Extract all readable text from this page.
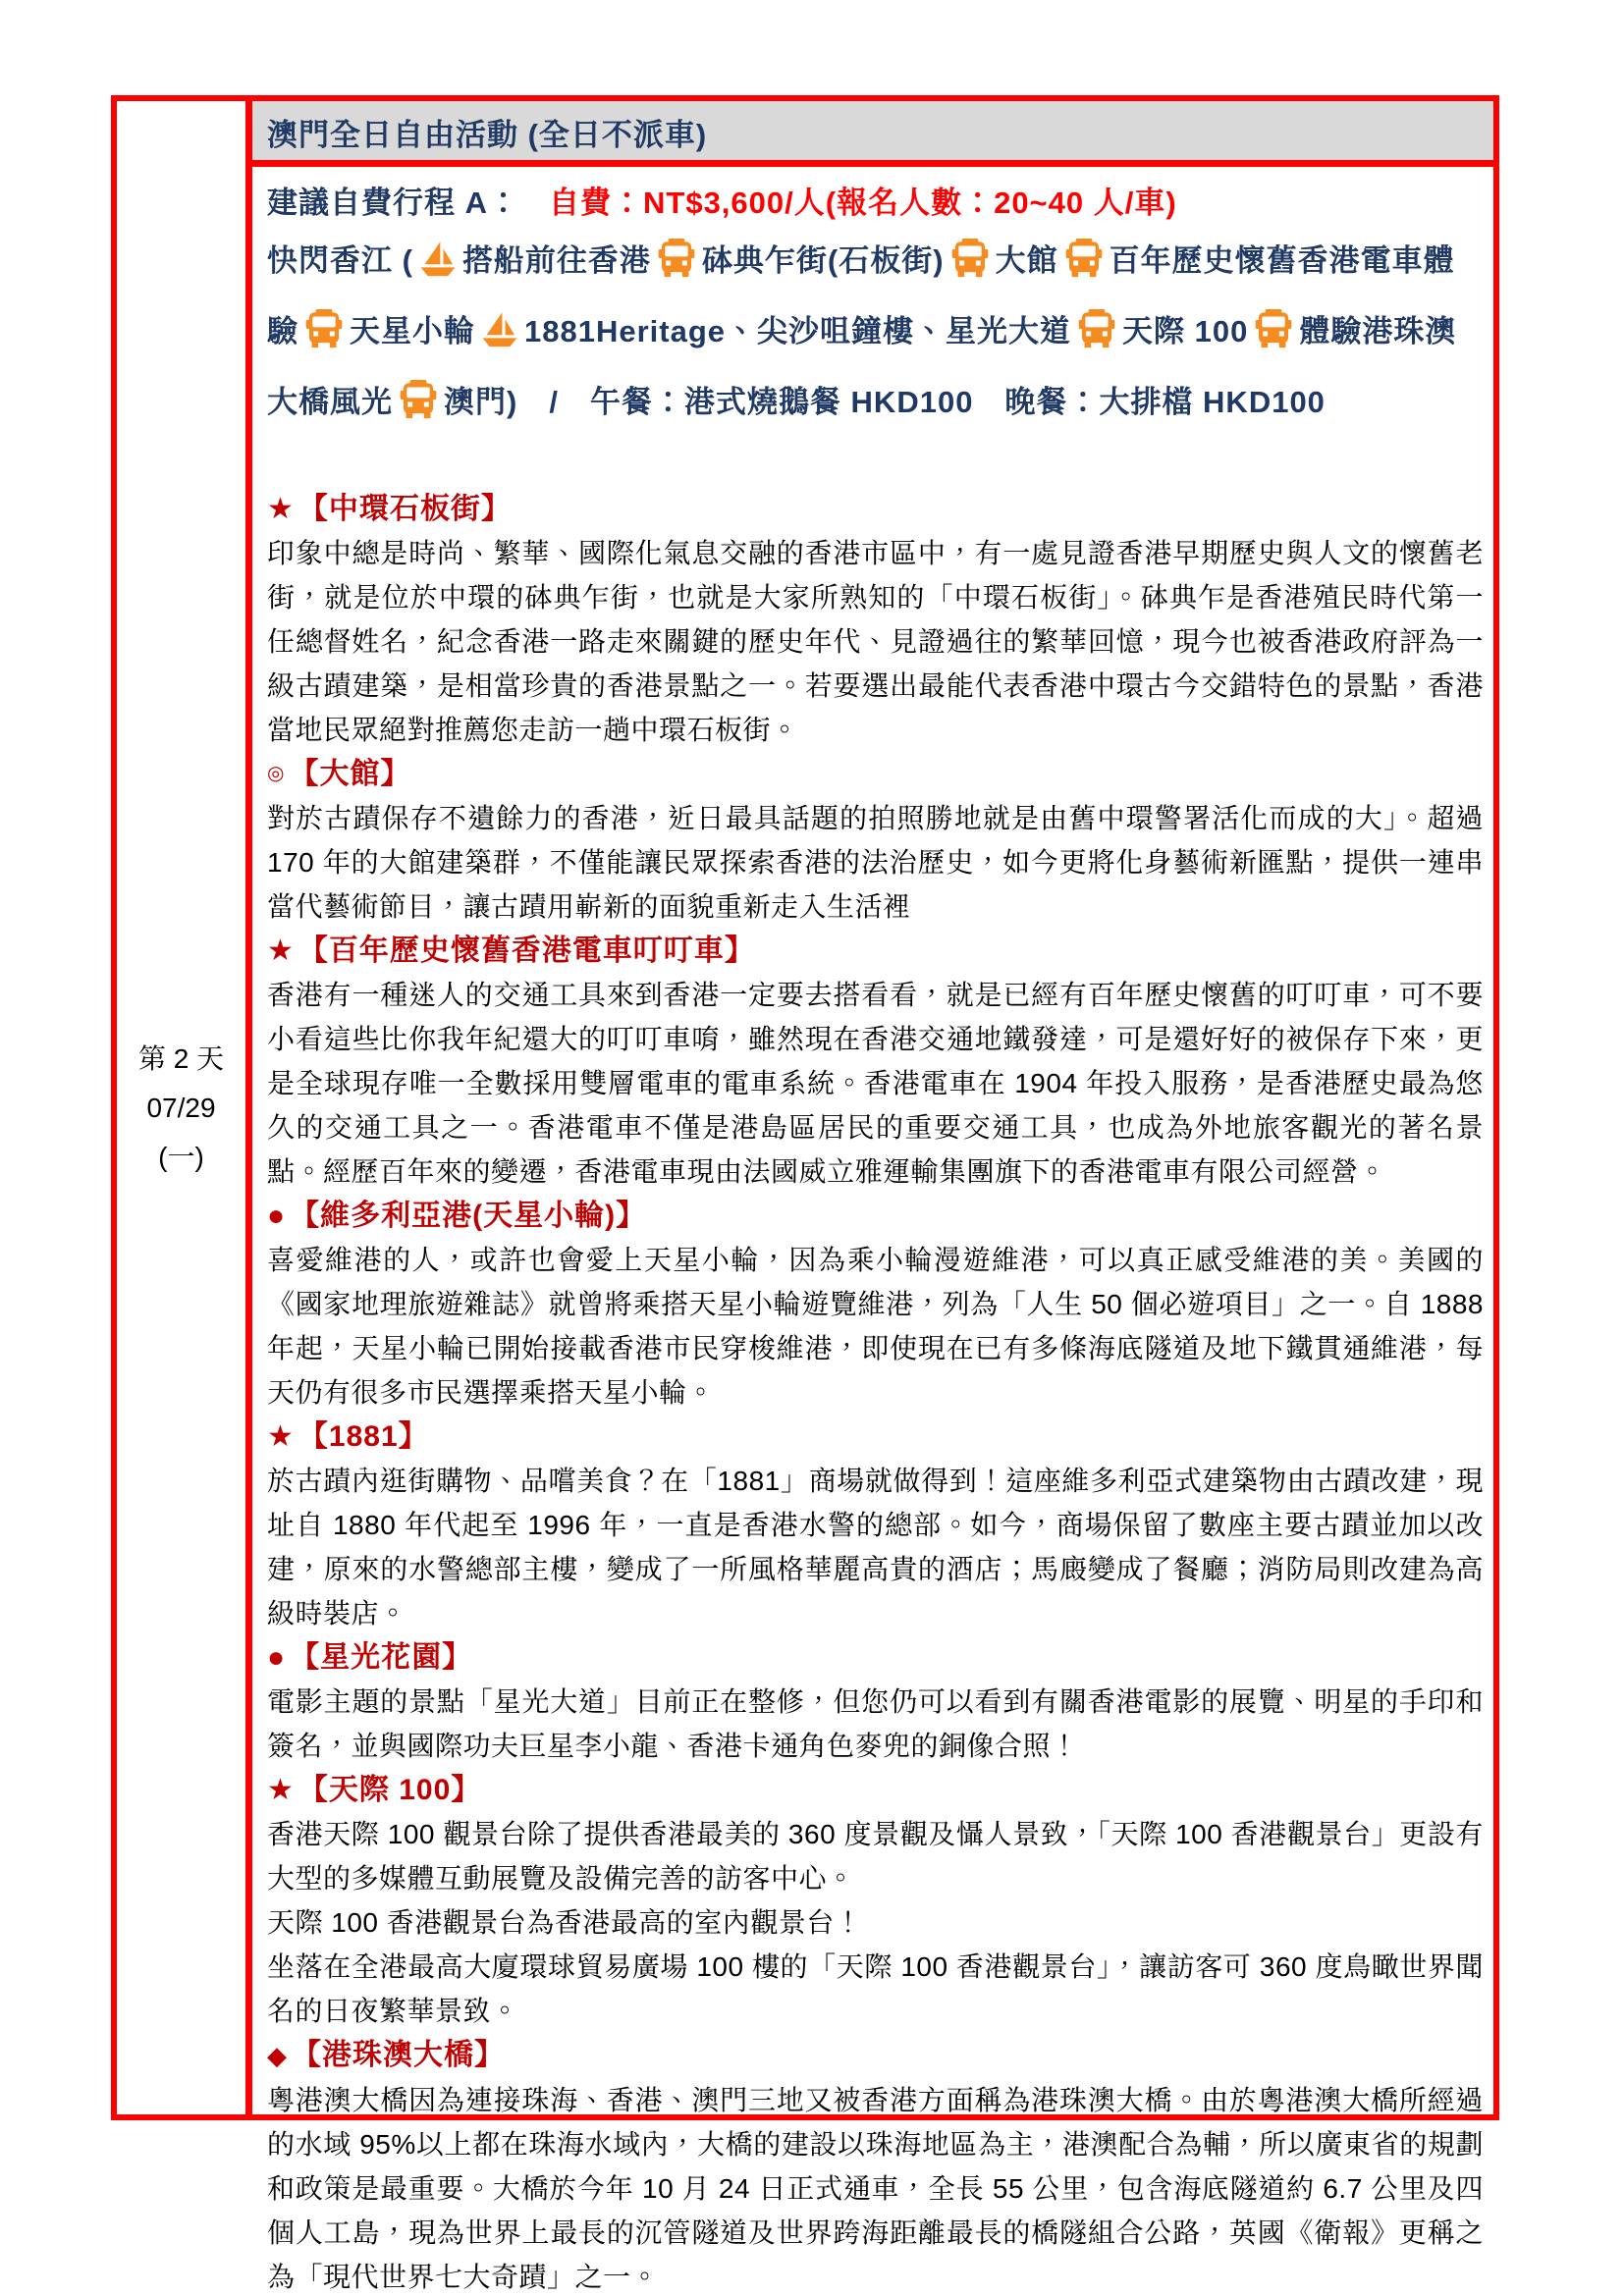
第 2 天
07/29
(一)
澳門全日自由活動 (全日不派車)
建議自費行程 A： 自費：NT$3,600/人(報名人數：20~40 人/車)
快閃香江 ( 搭船前往香港 砵典乍街(石板街) 大館 百年歷史懷舊香港電車體驗 天星小輪 1881Heritage、尖沙咀鐘樓、星光大道 天際 100 體驗港珠澳大橋風光 澳門)　/　午餐：港式燒鵝餐 HKD100　晚餐：大排檔 HKD100
★ 【中環石板街】

印象中總是時尚、繁華、國際化氣息交融的香港市區中，有一處見證香港早期歷史與人文的懷舊老街，就是位於中環的砵典乍街，也就是大家所熟知的「中環石板街」。砵典乍是香港殖民時代第一任總督姓名，紀念香港一路走來關鍵的歷史年代、見證過往的繁華回憶，現今也被香港政府評為一級古蹟建築，是相當珍貴的香港景點之一。若要選出最能代表香港中環古今交錯特色的景點，香港當地民眾絕對推薦您走訪一趟中環石板街。

◎ 【大館】

對於古蹟保存不遺餘力的香港，近日最具話題的拍照勝地就是由舊中環警署活化而成的大」。超過 170 年的大館建築群，不僅能讓民眾探索香港的法治歷史，如今更將化身藝術新匯點，提供一連串當代藝術節目，讓古蹟用嶄新的面貌重新走入生活裡

★ 【百年歷史懷舊香港電車叮叮車】

香港有一種迷人的交通工具來到香港一定要去搭看看，就是已經有百年歷史懷舊的叮叮車，可不要小看這些比你我年紀還大的叮叮車唷，雖然現在香港交通地鐵發達，可是還好好的被保存下來，更是全球現存唯一全數採用雙層電車的電車系統。香港電車在 1904 年投入服務，是香港歷史最為悠久的交通工具之一。香港電車不僅是港島區居民的重要交通工具，也成為外地旅客觀光的著名景點。經歷百年來的變遷，香港電車現由法國威立雅運輸集團旗下的香港電車有限公司經營。

● 【維多利亞港(天星小輪)】

喜愛維港的人，或許也會愛上天星小輪，因為乘小輪漫遊維港，可以真正感受維港的美。美國的《國家地理旅遊雜誌》就曾將乘搭天星小輪遊覽維港，列為「人生 50 個必遊項目」之一。自 1888 年起，天星小輪已開始接載香港市民穿梭維港，即使現在已有多條海底隧道及地下鐵貫通維港，每天仍有很多市民選擇乘搭天星小輪。

★ 【1881】

於古蹟內逛街購物、品嚐美食？在「1881」商場就做得到！這座維多利亞式建築物由古蹟改建，現址自 1880 年代起至 1996 年，一直是香港水警的總部。如今，商場保留了數座主要古蹟並加以改建，原來的水警總部主樓，變成了一所風格華麗高貴的酒店；馬廄變成了餐廳；消防局則改建為高級時裝店。

● 【星光花園】

電影主題的景點「星光大道」目前正在整修，但您仍可以看到有關香港電影的展覽、明星的手印和簽名，並與國際功夫巨星李小龍、香港卡通角色麥兜的銅像合照！

★ 【天際 100】

香港天際 100 觀景台除了提供香港最美的 360 度景觀及懾人景致，「天際 100 香港觀景台」更設有大型的多媒體互動展覽及設備完善的訪客中心。

天際 100 香港觀景台為香港最高的室內觀景台！

坐落在全港最高大廈環球貿易廣場 100 樓的「天際 100 香港觀景台」，讓訪客可 360 度鳥瞰世界聞名的日夜繁華景致。

◆ 【港珠澳大橋】

粵港澳大橋因為連接珠海、香港、澳門三地又被香港方面稱為港珠澳大橋。由於粵港澳大橋所經過的水域 95%以上都在珠海水域內，大橋的建設以珠海地區為主，港澳配合為輔，所以廣東省的規劃和政策是最重要。大橋於今年 10 月 24 日正式通車，全長 55 公里，包含海底隧道約 6.7 公里及四個人工島，現為世界上最長的沉管隧道及世界跨海距離最長的橋隧組合公路，英國《衛報》更稱之為「現代世界七大奇蹟」之一。
